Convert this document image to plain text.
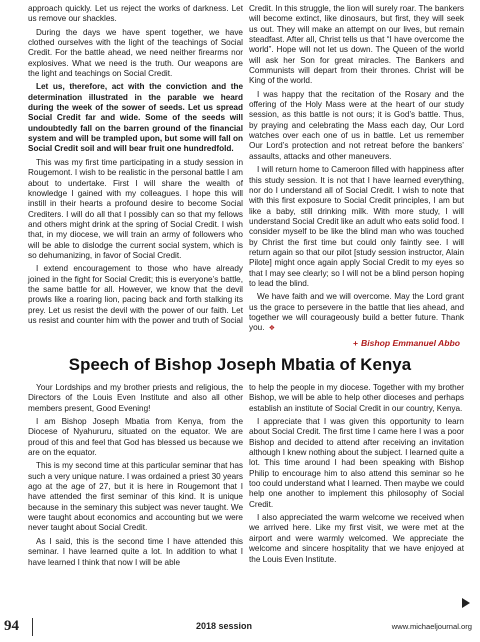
approach quickly. Let us reject the works of darkness. Let us remove our shackles.

During the days we have spent together, we have clothed ourselves with the light of the teachings of Social Credit. For the battle ahead, we need neither firearms nor explosives. What we need is the truth. Our weapons are the light and teachings on Social Credit.

Let us, therefore, act with the conviction and the determination illustrated in the parable we heard during the week of the sower of seeds. Let us spread Social Credit far and wide. Some of the seeds will undoubtedly fall on the barren ground of the financial system and will be trampled upon, but some will fall on Social Credit soil and will bear fruit one hundredfold.

This was my first time participating in a study session in Rougemont. I wish to be realistic in the personal battle I am about to undertake. First I will share the wealth of knowledge I gained with my colleagues. I hope this will instill in their hearts a profound desire to become Social Crediters. I will do all that I possibly can so that my fellows and others might drink at the spring of Social Credit. I wish that, in my diocese, we will train an army of followers who will be able to dislodge the current social system, which is so dehumanizing, in favor of Social Credit.

I extend encouragement to those who have already joined in the fight for Social Credit; this is everyone’s battle, the same battle for all. However, we know that the devil prowls like a roaring lion, pacing back and forth stalking its prey. Let us resist the devil with the power of our faith. Let us resist and counter him with the power and truth of Social

Credit. In this struggle, the lion will surely roar. The bankers will become extinct, like dinosaurs, but first, they will seek us out. They will make an attempt on our lives, but remain steadfast. After all, Christ tells us that “I have overcome the world”. Hope will not let us down. The Queen of the world will ask her Son for great miracles. The Bankers and Communists will depart from their thrones. Christ will be King of the world.

I was happy that the recitation of the Rosary and the offering of the Holy Mass were at the heart of our study session, as this battle is not ours; it is God’s battle. Thus, by praying and celebrating the Mass each day, Our Lord watches over each one of us in battle. Let us remember Our Lord’s protection and not retreat before the bankers’ assaults, attacks and other maneuvers.

I will return home to Cameroon filled with happiness after this study session. It is not that I have learned everything, nor do I understand all of Social Credit. I wish to note that with this first exposure to Social Credit principles, I am but like a baby, still drinking milk. With more study, I will understand Social Credit like an adult who eats solid food. I consider myself to be like the blind man who was touched by Christ the first time but could only faintly see. I will return again so that our pilot [study session instructor, Alain Pilote] might once again apply Social Credit to my eyes so that I may see clearly; so I will not be a blind person hoping to lead the blind.

We have faith and we will overcome. May the Lord grant us the grace to persevere in the battle that lies ahead, and together we will courageously build a better future. Thank you. ❖

+ Bishop Emmanuel Abbo
Speech of Bishop Joseph Mbatia of Kenya

Your Lordships and my brother priests and religious, the Directors of the Louis Even Institute and also all other members present, Good Evening!

I am Bishop Joseph Mbatia from Kenya, from the Diocese of Nyahururu, situated on the equator. We are proud of this and feel that God has blessed us because we are on the equator.

This is my second time at this particular seminar that has such a very unique nature. I was ordained a priest 30 years ago at the age of 27, but it is here in Rougemont that I have attended the first seminar of this kind. It is unique because in the seminary this subject was never taught. We were taught about economics and accounting but we were never taught about Social Credit.

As I said, this is the second time I have attended this seminar. I have learned quite a lot. In addition to what I have learned I think that now I will be able

to help the people in my diocese. Together with my brother Bishop, we will be able to help other dioceses and perhaps establish an institute of Social Credit in our country, Kenya.

I appreciate that I was given this opportunity to learn about Social Credit. The first time I came here I was a poor Bishop and decided to attend after receiving an invitation although I knew nothing about the subject. I learned quite a lot. This time around I had been speaking with Bishop Philip to encourage him to also attend this seminar so he too could understand what I learned. Then maybe we could help one another to implement this philosophy of Social Credit.

I also appreciated the warm welcome we received when we arrived here. Like my first visit, we were met at the airport and were warmly welcomed. We appreciate the welcome and sincere hospitality that we have enjoyed at the Louis Even Institute.

94	2018 session	www.michaeljournal.org
